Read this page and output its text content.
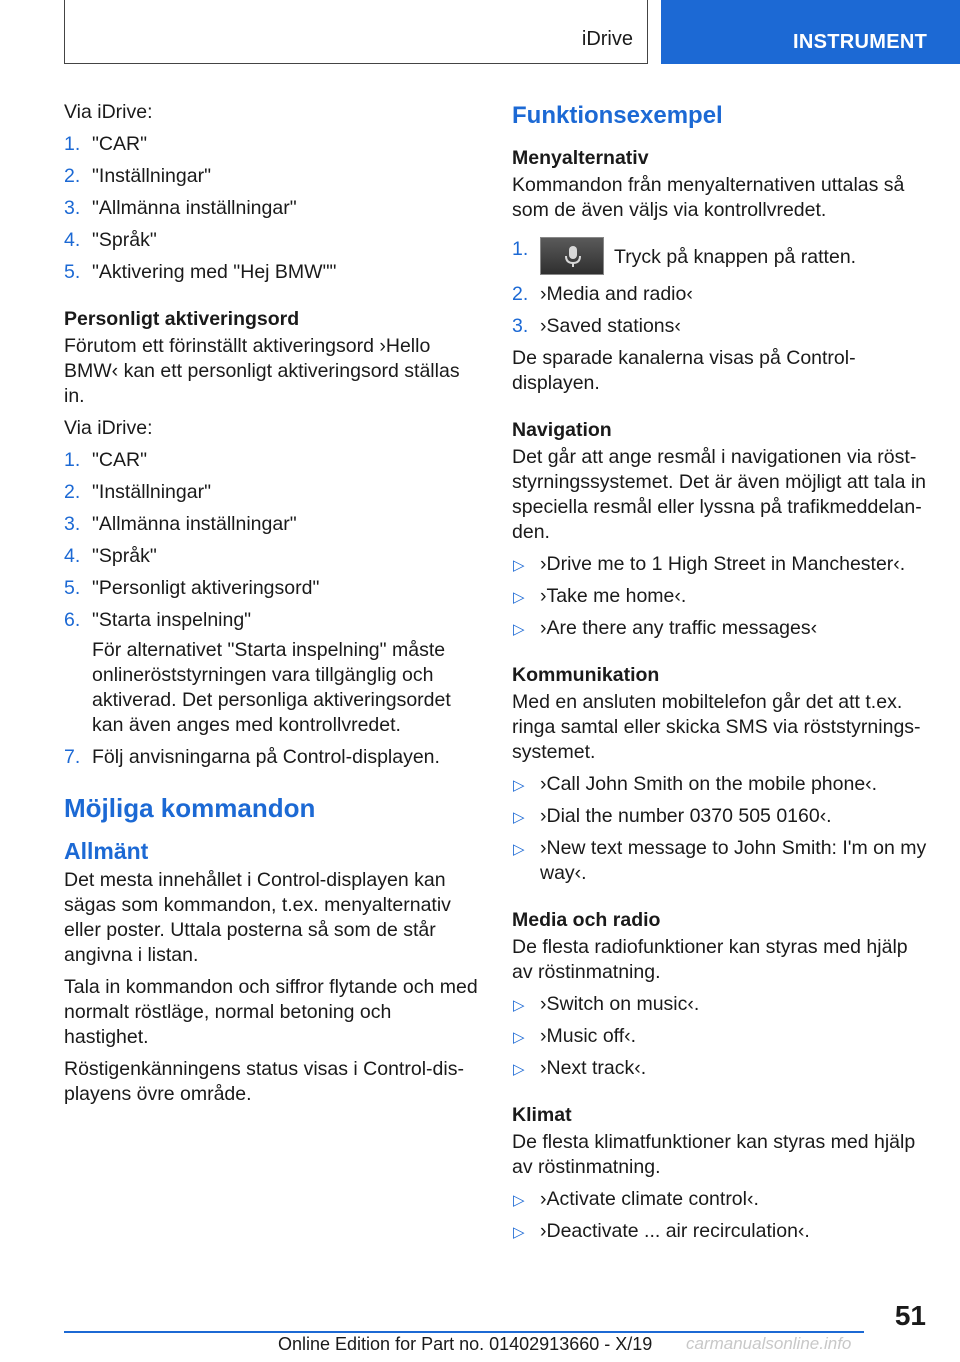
iDrive	INSTRUMENT

Via iDrive:

1. "CAR"
2. "Inställningar"
3. "Allmänna inställningar"
4. "Språk"
5. "Aktivering med "Hej BMW""

Personligt aktiveringsord

Förutom ett förinställt aktiveringsord ›Hello BMW‹ kan ett personligt aktiveringsord ställas in.

Via iDrive:

1. "CAR"
2. "Inställningar"
3. "Allmänna inställningar"
4. "Språk"
5. "Personligt aktiveringsord"
6. "Starta inspelning"
För alternativet "Starta inspelning" måste onlineröststyrningen vara tillgänglig och aktiverad. Det personliga aktiveringsordet kan även anges med kontrollvredet.
7. Följ anvisningarna på Control-displayen.
Möjliga kommandon
Allmänt

Det mesta innehållet i Control-displayen kan sägas som kommandon, t.ex. menyalternativ eller poster. Uttala posterna så som de står angivna i listan.

Tala in kommandon och siffror flytande och med normalt röstläge, normal betoning och hastighet.

Röstigenkänningens status visas i Control-displayens övre område.

Funktionsexempel

Menyalternativ

Kommandon från menyalternativen uttalas så som de även väljs via kontrollvredet.

1.	Tryck på knappen på ratten.
2. ›Media and radio‹
3. ›Saved stations‹

De sparade kanalerna visas på Control-displayen.

Navigation

Det går att ange resmål i navigationen via röststyrningssystemet. Det är även möjligt att tala in speciella resmål eller lyssna på trafikmeddelanden.

▷ ›Drive me to 1 High Street in Manchester‹.
▷ ›Take me home‹.
▷ ›Are there any traffic messages‹

Kommunikation

Med en ansluten mobiltelefon går det att t.ex. ringa samtal eller skicka SMS via röststyrningssystemet.

▷ ›Call John Smith on the mobile phone‹.
▷ ›Dial the number 0370 505 0160‹.
▷ ›New text message to John Smith: I'm on my way‹.

Media och radio

De flesta radiofunktioner kan styras med hjälp av röstinmatning.

▷ ›Switch on music‹.
▷ ›Music off‹.
▷ ›Next track‹.

Klimat

De flesta klimatfunktioner kan styras med hjälp av röstinmatning.

▷ ›Activate climate control‹.
▷ ›Deactivate ... air recirculation‹.
51
Online Edition for Part no. 01402913660 - X/19 carmanualsonline.info
